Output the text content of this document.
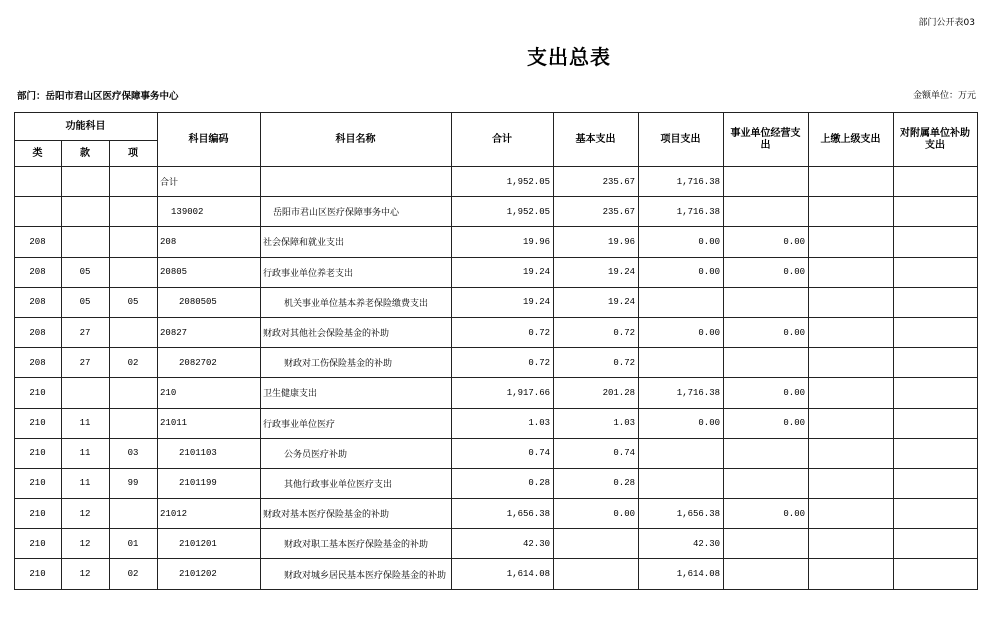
部门公开表03
支出总表
部门：岳阳市君山区医疗保障事务中心	金额单位：万元
功能科目			科目编码	科目名称	合计	基本支出	项目支出	事业单位经营支出	上缴上级支出	对附属单位补助支出
类	款	项								
			合计		1,952.05	235.67	1,716.38			
			139002	岳阳市君山区医疗保障事务中心	1,952.05	235.67	1,716.38			
208			208	社会保障和就业支出	19.96	19.96	0.00	0.00		
208	05		20805	行政事业单位养老支出	19.24	19.24	0.00	0.00		
208	05	05	2080505	机关事业单位基本养老保险缴费支出	19.24	19.24				
208	27		20827	财政对其他社会保险基金的补助	0.72	0.72	0.00	0.00		
208	27	02	2082702	财政对工伤保险基金的补助	0.72	0.72				
210			210	卫生健康支出	1,917.66	201.28	1,716.38	0.00		
210	11		21011	行政事业单位医疗	1.03	1.03	0.00	0.00		
210	11	03	2101103	公务员医疗补助	0.74	0.74				
210	11	99	2101199	其他行政事业单位医疗支出	0.28	0.28				
210	12		21012	财政对基本医疗保险基金的补助	1,656.38	0.00	1,656.38	0.00		
210	12	01	2101201	财政对职工基本医疗保险基金的补助	42.30		42.30			
210	12	02	2101202	财政对城乡居民基本医疗保险基金的补助	1,614.08		1,614.08			
